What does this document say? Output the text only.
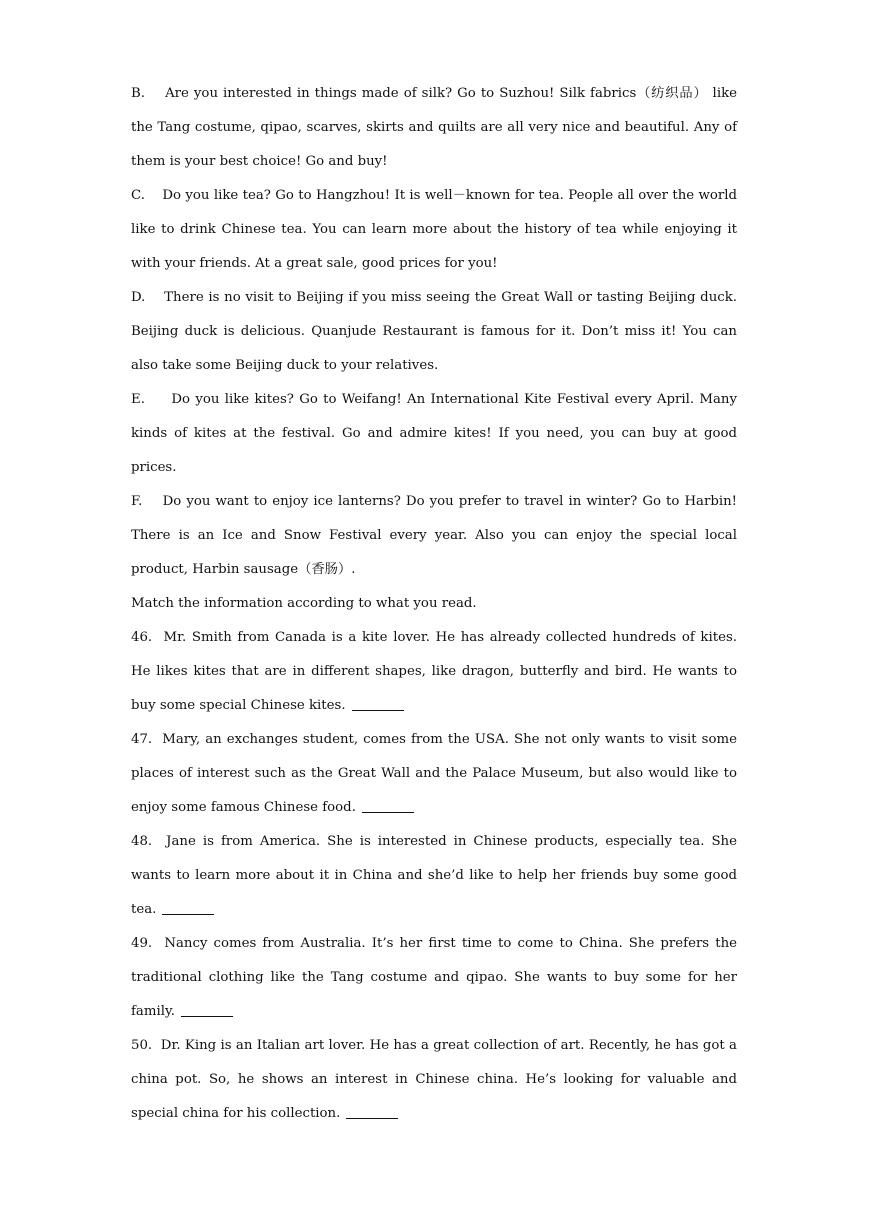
B.    Are you interested in things made of silk? Go to Suzhou! Silk fabrics（纺织品） like the Tang costume, qipao, scarves, skirts and quilts are all very nice and beautiful. Any of them is your best choice! Go and buy!

C.    Do you like tea? Go to Hangzhou! It is well－known for tea. People all over the world like to drink Chinese tea. You can learn more about the history of tea while enjoying it with your friends. At a great sale, good prices for you!

D.    There is no visit to Beijing if you miss seeing the Great Wall or tasting Beijing duck. Beijing duck is delicious. Quanjude Restaurant is famous for it. Don’t miss it! You can also take some Beijing duck to your relatives.

E.     Do you like kites? Go to Weifang! An International Kite Festival every April. Many kinds of kites at the festival. Go and admire kites! If you need, you can buy at good prices.

F.    Do you want to enjoy ice lanterns? Do you prefer to travel in winter? Go to Harbin! There is an Ice and Snow Festival every year. Also you can enjoy the special local product, Harbin sausage（香肠）.

Match the information according to what you read.

46.  Mr. Smith from Canada is a kite lover. He has already collected hundreds of kites. He likes kites that are in different shapes, like dragon, butterfly and bird. He wants to buy some special Chinese kites.

47.  Mary, an exchanges student, comes from the USA. She not only wants to visit some places of interest such as the Great Wall and the Palace Museum, but also would like to enjoy some famous Chinese food.

48.  Jane is from America. She is interested in Chinese products, especially tea. She wants to learn more about it in China and she’d like to help her friends buy some good tea.

49.  Nancy comes from Australia. It’s her first time to come to China. She prefers the traditional clothing like the Tang costume and qipao. She wants to buy some for her family.

50.  Dr. King is an Italian art lover. He has a great collection of art. Recently, he has got a china pot. So, he shows an interest in Chinese china. He’s looking for valuable and special china for his collection.
